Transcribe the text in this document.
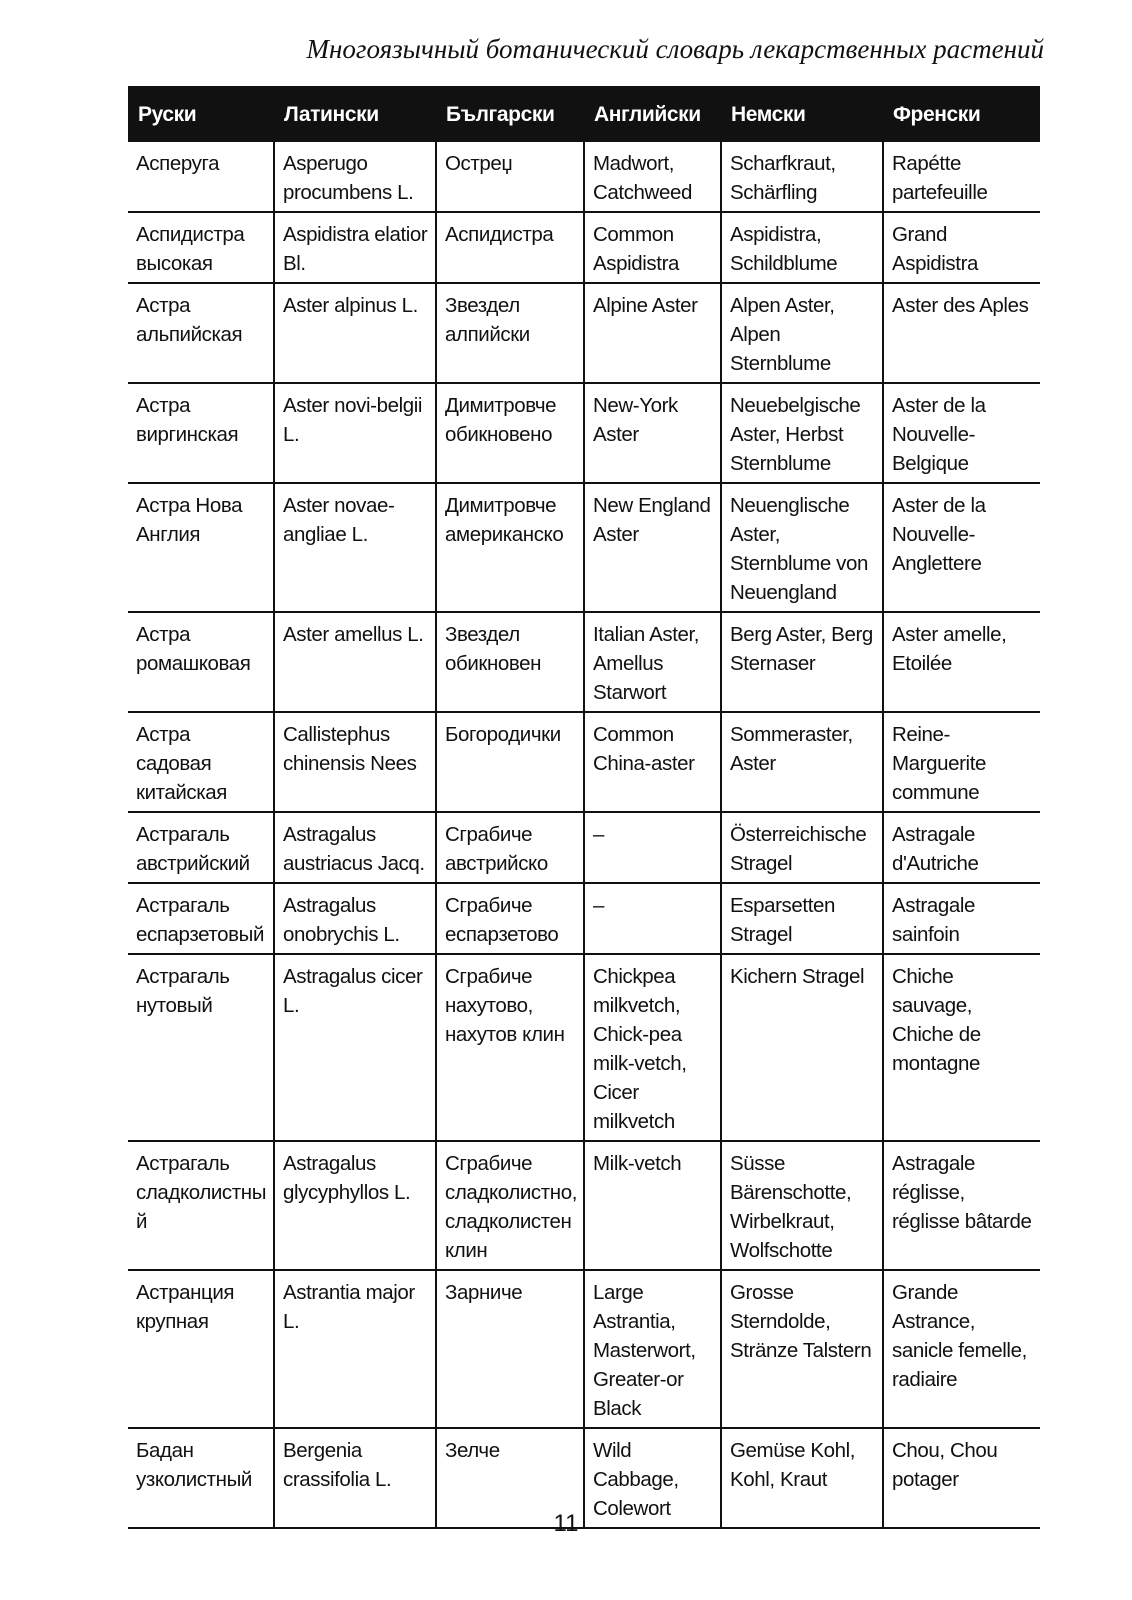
Многоязычный ботанический словарь лекарственных растений
Руски	Латински	Български	Английски	Немски	Френски
Асперуга	Asperugo procumbens L.	Остреџ	Madwort, Catchweed	Scharfkraut, Schärfling	Rapétte partefeuille
Аспидистра высокая	Aspidistra elatior Bl.	Аспидистра	Common Aspidistra	Aspidistra, Schildblume	Grand Aspidistra
Астра альпийская	Aster alpinus L.	Звездел алпийски	Alpine Aster	Alpen Aster, Alpen Sternblume	Aster des Aples
Астра виргинская	Aster novi-belgii L.	Димитровче обикновено	New-York Aster	Neuebelgische Aster, Herbst Sternblume	Aster de la Nouvelle- Belgique
Астра Нова Англия	Aster novae-angliae L.	Димитровче американско	New England Aster	Neuenglische Aster, Sternblume von Neuengland	Aster de la Nouvelle- Anglettere
Астра ромашковая	Aster amellus L.	Звездел обикновен	Italian Aster, Amellus Starwort	Berg Aster, Berg Sternaser	Aster amelle, Etoilée
Астра садовая китайская	Callistephus chinensis Nees	Богородички	Common China-aster	Sommeraster, Aster	Reine-Marguerite commune
Астрагаль австрийский	Astragalus austriacus Jacq.	Сграбиче австрийско	–	Österreichische Stragel	Astragale d'Autriche
Астрагаль еспарзетовый	Astragalus onobrychis L.	Сграбиче еспарзетово	–	Esparsetten Stragel	Astragale sainfoin
Астрагаль нутовый	Astragalus cicer L.	Сграбиче нахутово, нахутов клин	Chickpea milkvetch, Chick-pea milk-vetch, Cicer milkvetch	Kichern Stragel	Chiche sauvage, Chiche de montagne
Астрагаль сладколистный	Astragalus glycyphyllos L.	Сграбиче сладколистно, сладколистен клин	Milk-vetch	Süsse Bärenschotte, Wirbelkraut, Wolfschotte	Astragale réglisse, réglisse bâtarde
Астранция крупная	Astrantia major L.	Зарниче	Large Astrantia, Masterwort, Greater-or Black	Grosse Sterndolde, Stränze Talstern	Grande Astrance, sanicle femelle, radiaire
Бадан узколистный	Bergenia crassifolia L.	Зелче	Wild Cabbage, Colewort	Gemüse Kohl, Kohl, Kraut	Chou, Chou potager
11
